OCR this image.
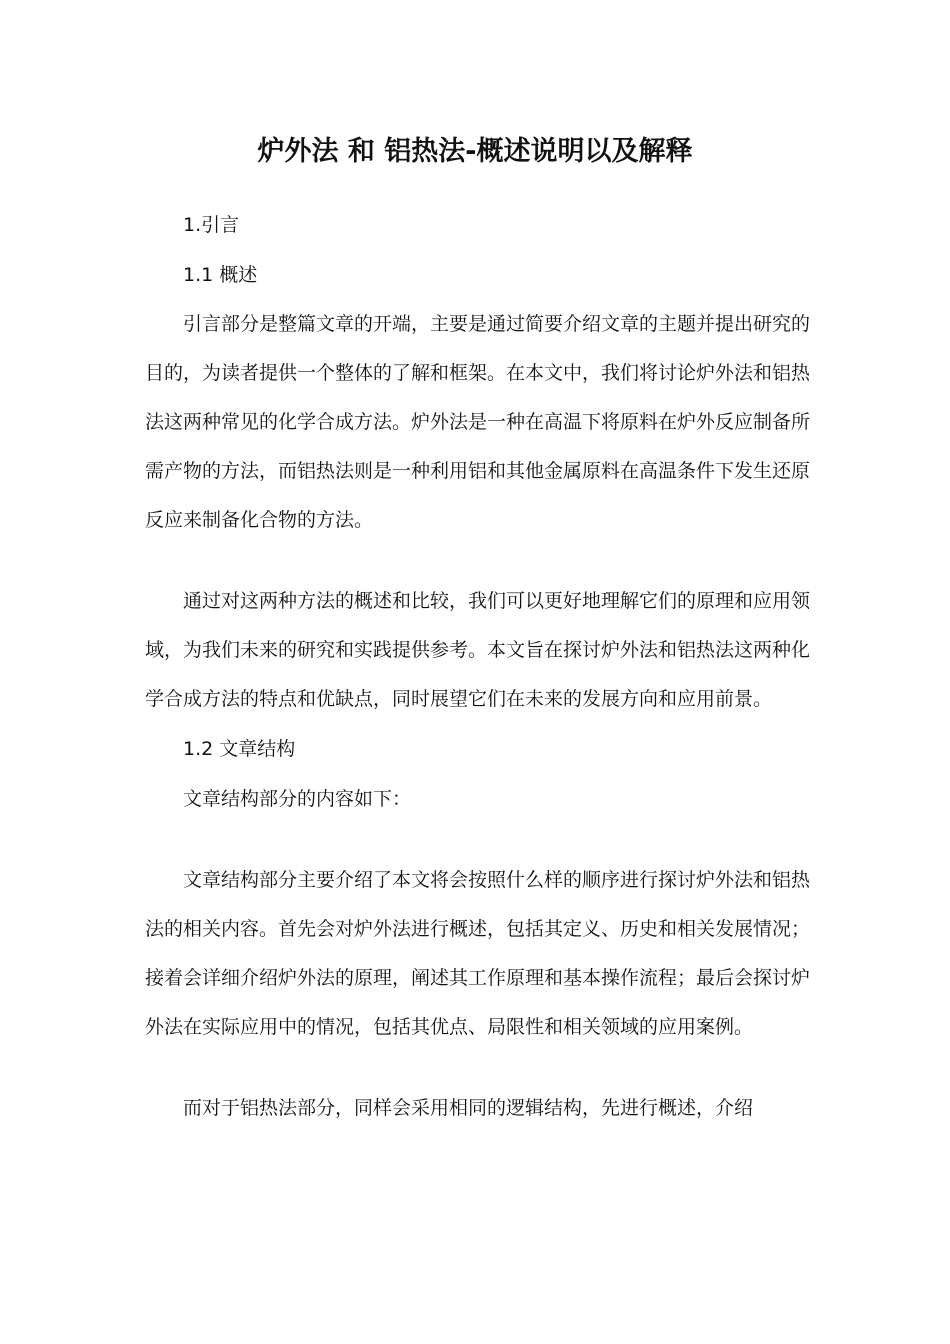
炉外法 和 铝热法-概述说明以及解释

1.引言

1.1 概述

引言部分是整篇文章的开端，主要是通过简要介绍文章的主题并提出研究的目的，为读者提供一个整体的了解和框架。在本文中，我们将讨论炉外法和铝热法这两种常见的化学合成方法。炉外法是一种在高温下将原料在炉外反应制备所需产物的方法，而铝热法则是一种利用铝和其他金属原料在高温条件下发生还原反应来制备化合物的方法。

通过对这两种方法的概述和比较，我们可以更好地理解它们的原理和应用领域，为我们未来的研究和实践提供参考。本文旨在探讨炉外法和铝热法这两种化学合成方法的特点和优缺点，同时展望它们在未来的发展方向和应用前景。

1.2 文章结构

文章结构部分的内容如下：

文章结构部分主要介绍了本文将会按照什么样的顺序进行探讨炉外法和铝热法的相关内容。首先会对炉外法进行概述，包括其定义、历史和相关发展情况；接着会详细介绍炉外法的原理，阐述其工作原理和基本操作流程；最后会探讨炉外法在实际应用中的情况，包括其优点、局限性和相关领域的应用案例。

而对于铝热法部分，同样会采用相同的逻辑结构，先进行概述，介绍
